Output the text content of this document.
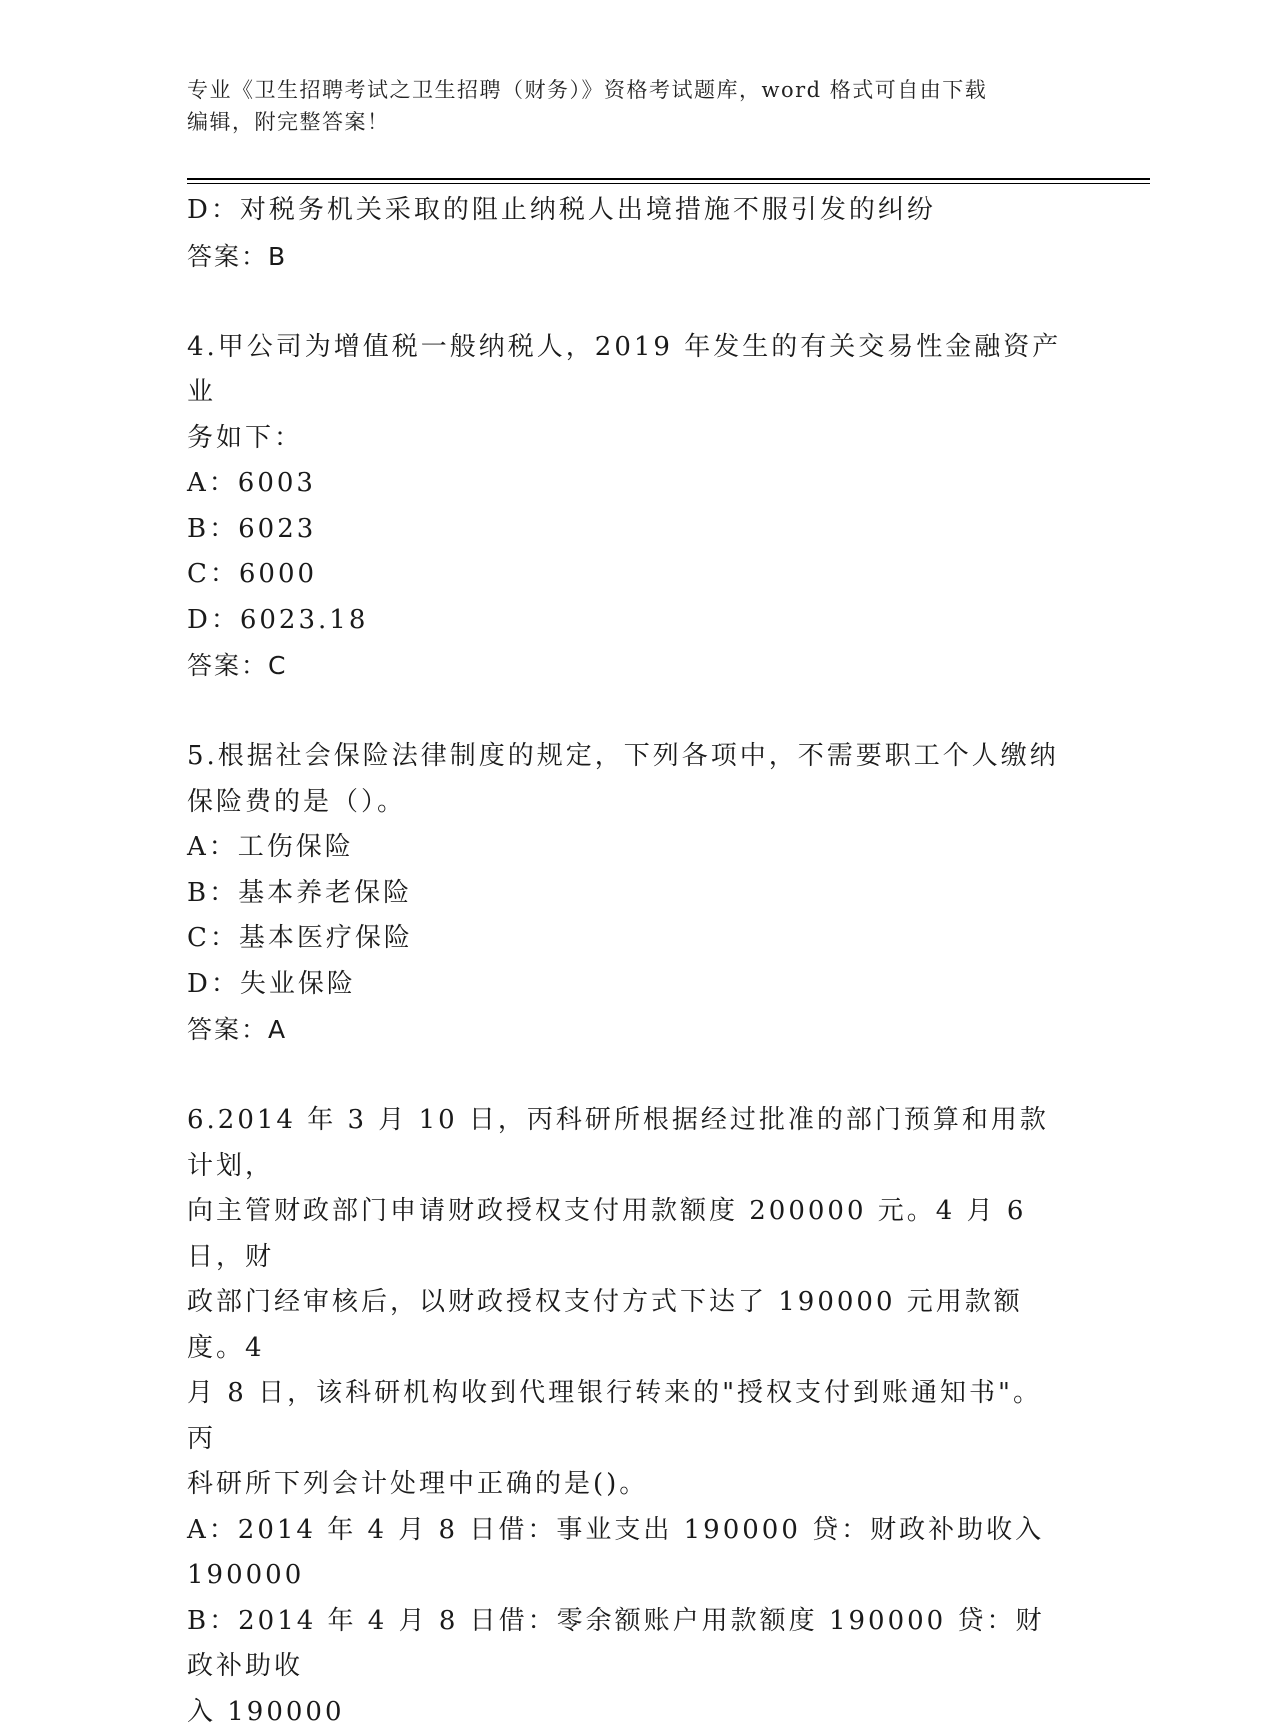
专业《卫生招聘考试之卫生招聘（财务）》资格考试题库，word 格式可自由下载
编辑，附完整答案！
D：对税务机关采取的阻止纳税人出境措施不服引发的纠纷
答案：B
4.甲公司为增值税一般纳税人，2019 年发生的有关交易性金融资产业
务如下：
A：6003
B：6023
C：6000
D：6023.18
答案：C
5.根据社会保险法律制度的规定，下列各项中，不需要职工个人缴纳
保险费的是（）。
A：工伤保险
B：基本养老保险
C：基本医疗保险
D：失业保险
答案：A
6.2014 年 3 月 10 日，丙科研所根据经过批准的部门预算和用款计划，
向主管财政部门申请财政授权支付用款额度 200000 元。4 月 6 日，财
政部门经审核后，以财政授权支付方式下达了 190000 元用款额度。4
月 8 日，该科研机构收到代理银行转来的"授权支付到账通知书"。丙
科研所下列会计处理中正确的是()。
A：2014 年 4 月 8 日借：事业支出 190000 贷：财政补助收入 190000
B：2014 年 4 月 8 日借：零余额账户用款额度 190000 贷：财政补助收
入 190000
